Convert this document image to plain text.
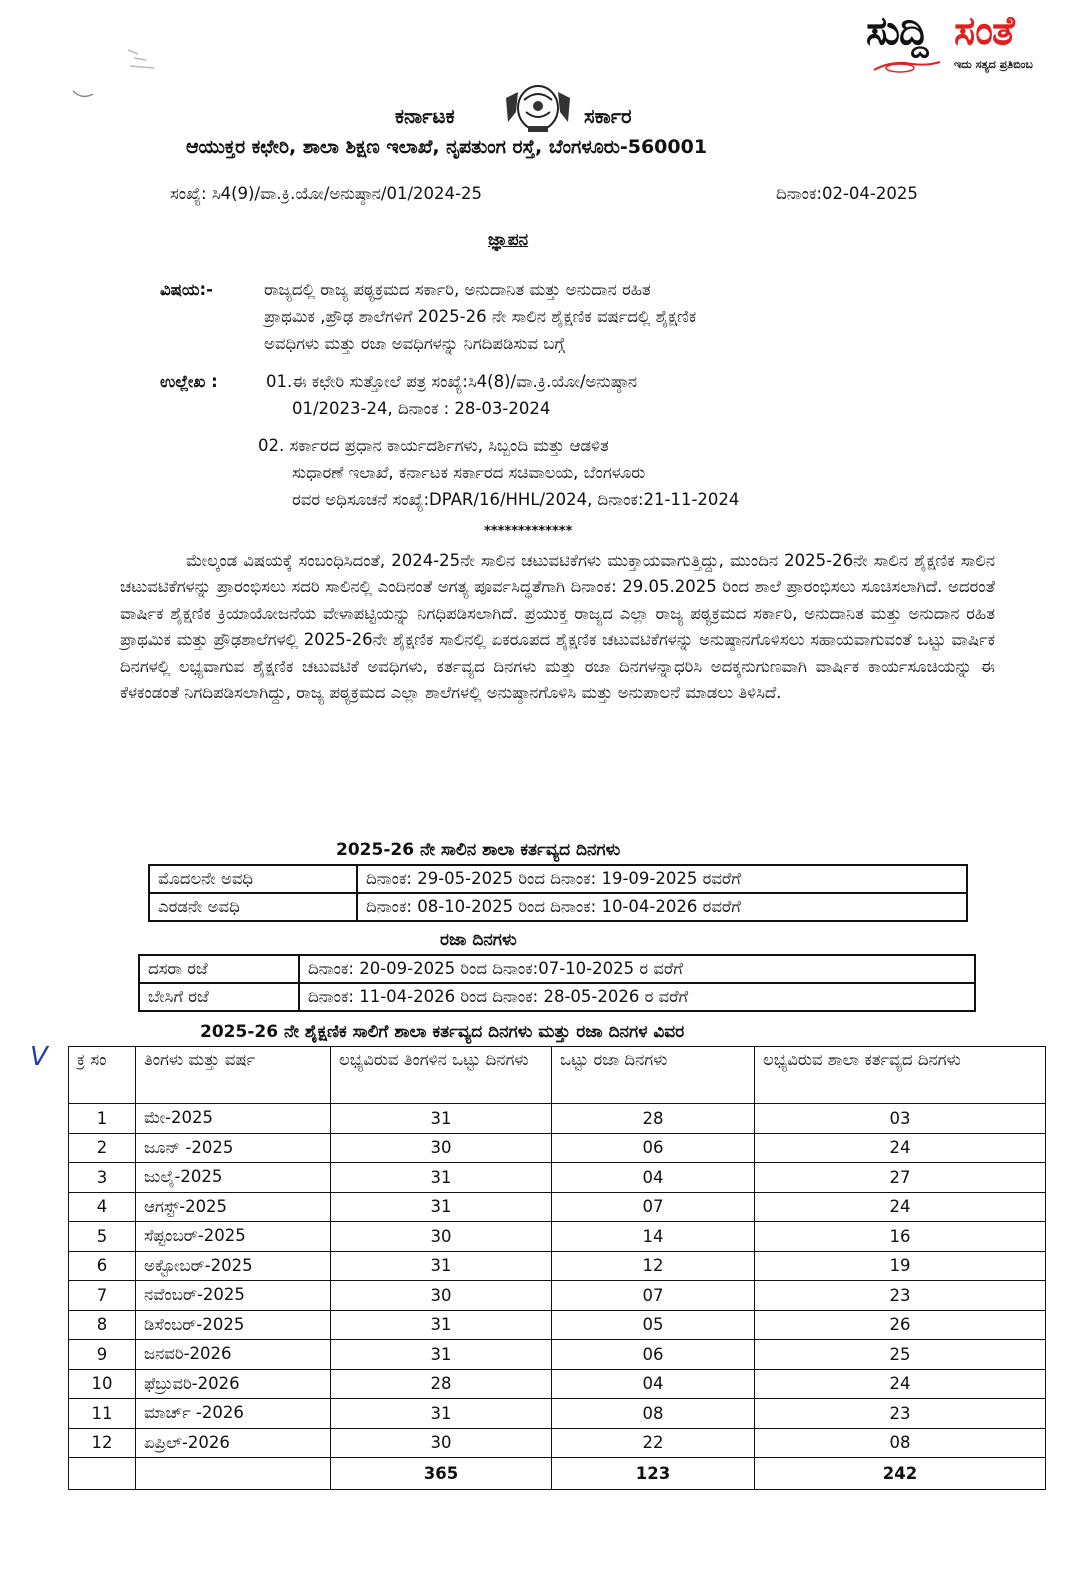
ಸುದ್ದಿ ಸಂತೆ
ಇದು ಸತ್ಯದ ಪ್ರತಿಬಿಂಬ
ಕರ್ನಾಟಕ	ಸರ್ಕಾರ
ಆಯುಕ್ತರ ಕಛೇರಿ, ಶಾಲಾ ಶಿಕ್ಷಣ ಇಲಾಖೆ, ನೃಪತುಂಗ ರಸ್ತೆ, ಬೆಂಗಳೂರು-560001
ಸಂಖ್ಯೆ: ಸಿ4(9)/ವಾ.ಕ್ರಿ.ಯೋ/ಅನುಷ್ಠಾನ/01/2024-25	ದಿನಾಂಕ:02-04-2025
ಜ್ಞಾಪನ
ವಿಷಯ:-	ರಾಜ್ಯದಲ್ಲಿ ರಾಜ್ಯ ಪಠ್ಯಕ್ರಮದ ಸರ್ಕಾರಿ, ಅನುದಾನಿತ ಮತ್ತು ಅನುದಾನ ರಹಿತ
ಪ್ರಾಥಮಿಕ ,ಪ್ರೌಢ ಶಾಲೆಗಳಿಗೆ 2025-26 ನೇ ಸಾಲಿನ ಶೈಕ್ಷಣಿಕ ವರ್ಷದಲ್ಲಿ ಶೈಕ್ಷಣಿಕ
ಅವಧಿಗಳು ಮತ್ತು ರಜಾ ಅವಧಿಗಳನ್ನು ನಿಗದಿಪಡಿಸುವ ಬಗ್ಗೆ
ಉಲ್ಲೇಖ :	01.ಈ ಕಛೇರಿ ಸುತ್ತೋಲೆ ಪತ್ರ ಸಂಖ್ಯೆ:ಸಿ4(8)/ವಾ.ಕ್ರಿ.ಯೋ/ಅನುಷ್ಠಾನ
01/2023-24, ದಿನಾಂಕ : 28-03-2024
02. ಸರ್ಕಾರದ ಪ್ರಧಾನ ಕಾರ್ಯದರ್ಶಿಗಳು, ಸಿಬ್ಬಂದಿ ಮತ್ತು ಆಡಳಿತ
ಸುಧಾರಣೆ ಇಲಾಖೆ, ಕರ್ನಾಟಕ ಸರ್ಕಾರದ ಸಚಿವಾಲಯ, ಬೆಂಗಳೂರು
ರವರ ಅಧಿಸೂಚನೆ ಸಂಖ್ಯೆ:DPAR/16/HHL/2024, ದಿನಾಂಕ:21-11-2024
*************
ಮೇಲ್ಕಂಡ ವಿಷಯಕ್ಕೆ ಸಂಬಂಧಿಸಿದಂತೆ, 2024-25ನೇ ಸಾಲಿನ ಚಟುವಟಿಕೆಗಳು ಮುಕ್ತಾಯವಾಗುತ್ತಿದ್ದು, ಮುಂದಿನ 2025-26ನೇ ಸಾಲಿನ ಶೈಕ್ಷಣಿಕ ಸಾಲಿನ ಚಟುವಟಿಕೆಗಳನ್ನು ಪ್ರಾರಂಭಿಸಲು ಸದರಿ ಸಾಲಿನಲ್ಲಿ ಎಂದಿನಂತೆ ಅಗತ್ಯ ಪೂರ್ವಸಿದ್ಧತೆಗಾಗಿ ದಿನಾಂಕ: 29.05.2025 ರಿಂದ ಶಾಲೆ ಪ್ರಾರಂಭಿಸಲು ಸೂಚಿಸಲಾಗಿದೆ. ಅದರಂತೆ ವಾರ್ಷಿಕ ಶೈಕ್ಷಣಿಕ ಕ್ರಿಯಾಯೋಜನೆಯ ವೇಳಾಪಟ್ಟಿಯನ್ನು ನಿಗಧಿಪಡಿಸಲಾಗಿದೆ. ಪ್ರಯುಕ್ತ ರಾಜ್ಯದ ಎಲ್ಲಾ ರಾಜ್ಯ ಪಠ್ಯಕ್ರಮದ ಸರ್ಕಾರಿ, ಅನುದಾನಿತ ಮತ್ತು ಅನುದಾನ ರಹಿತ ಪ್ರಾಥಮಿಕ ಮತ್ತು ಪ್ರೌಢಶಾಲೆಗಳಲ್ಲಿ 2025-26ನೇ ಶೈಕ್ಷಣಿಕ ಸಾಲಿನಲ್ಲಿ ಏಕರೂಪದ ಶೈಕ್ಷಣಿಕ ಚಟುವಟಿಕೆಗಳನ್ನು ಅನುಷ್ಠಾನಗೊಳಿಸಲು ಸಹಾಯವಾಗುವಂತೆ ಒಟ್ಟು ವಾರ್ಷಿಕ ದಿನಗಳಲ್ಲಿ ಲಭ್ಯವಾಗುವ ಶೈಕ್ಷಣಿಕ ಚಟುವಟಿಕೆ ಅವಧಿಗಳು, ಕರ್ತವ್ಯದ ದಿನಗಳು ಮತ್ತು ರಜಾ ದಿನಗಳನ್ನಾಧರಿಸಿ ಅದಕ್ಕನುಗುಣವಾಗಿ ವಾರ್ಷಿಕ ಕಾರ್ಯಸೂಚಿಯನ್ನು ಈ ಕೆಳಕಂಡಂತೆ ನಿಗದಿಪಡಿಸಲಾಗಿದ್ದು, ರಾಜ್ಯ ಪಠ್ಯಕ್ರಮದ ಎಲ್ಲಾ ಶಾಲೆಗಳಲ್ಲಿ ಅನುಷ್ಠಾನಗೊಳಿಸಿ ಮತ್ತು ಅನುಪಾಲನೆ ಮಾಡಲು ತಿಳಿಸಿದೆ.
2025-26 ನೇ ಸಾಲಿನ ಶಾಲಾ ಕರ್ತವ್ಯದ ದಿನಗಳು
ಮೊದಲನೇ ಅವಧಿ	ದಿನಾಂಕ: 29-05-2025 ರಿಂದ ದಿನಾಂಕ: 19-09-2025 ರವರೆಗೆ
ಎರಡನೇ ಅವಧಿ	ದಿನಾಂಕ: 08-10-2025 ರಿಂದ ದಿನಾಂಕ: 10-04-2026 ರವರೆಗೆ
ರಜಾ ದಿನಗಳು
ದಸರಾ ರಜೆ	ದಿನಾಂಕ: 20-09-2025 ರಿಂದ ದಿನಾಂಕ:07-10-2025 ರ ವರೆಗೆ
ಬೇಸಿಗೆ ರಜೆ	ದಿನಾಂಕ: 11-04-2026 ರಿಂದ ದಿನಾಂಕ: 28-05-2026 ರ ವರೆಗೆ
V
2025-26 ನೇ ಶೈಕ್ಷಣಿಕ ಸಾಲಿಗೆ ಶಾಲಾ ಕರ್ತವ್ಯದ ದಿನಗಳು ಮತ್ತು ರಜಾ ದಿನಗಳ ವಿವರ
ಕ್ರ ಸಂ	ತಿಂಗಳು ಮತ್ತು ವರ್ಷ	ಲಭ್ಯವಿರುವ ತಿಂಗಳಿನ ಒಟ್ಟು ದಿನಗಳು	ಒಟ್ಟು ರಜಾ ದಿನಗಳು	ಲಭ್ಯವಿರುವ ಶಾಲಾ ಕರ್ತವ್ಯದ ದಿನಗಳು
1	ಮೇ-2025	31	28	03
2	ಜೂನ್ -2025	30	06	24
3	ಜುಲೈ-2025	31	04	27
4	ಆಗಸ್ಟ್-2025	31	07	24
5	ಸೆಪ್ಟಂಬರ್-2025	30	14	16
6	ಅಕ್ಟೋಬರ್-2025	31	12	19
7	ನವೆಂಬರ್-2025	30	07	23
8	ಡಿಸೆಂಬರ್-2025	31	05	26
9	ಜನವರಿ-2026	31	06	25
10	ಫೆಬ್ರುವರಿ-2026	28	04	24
11	ಮಾರ್ಚ್ -2026	31	08	23
12	ಏಪ್ರಿಲ್-2026	30	22	08
		365	123	242
